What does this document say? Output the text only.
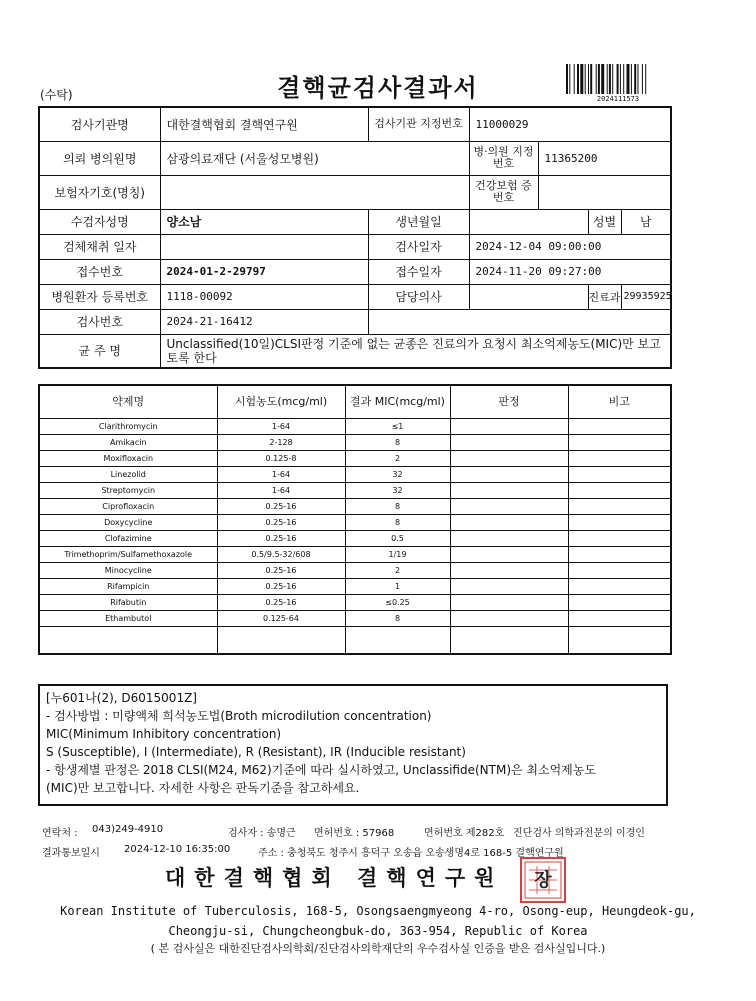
(수탁)	결핵균검사결과서	2024111573
검사기관명	대한결핵협회 결핵연구원	검사기관 지정번호	11000029			
의뢰 병의원명	삼광의료재단 (서울성모병원)		병·의원 지정번호	11365200		
보험자기호(명칭)			건강보험 증번호			
수검자성명	양소남	생년월일			성별	남
검체채취 일자		검사일자	2024-12-04 09:00:00			
접수번호	2024-01-2-29797	접수일자	2024-11-20 09:27:00			
병원환자 등록번호	1118-00092	담당의사			진료과	29935925
검사번호	2024-21-16412					
균 주 명	Unclassified(10일)CLSI판정 기준에 없는 균종은 진료의가 요청시 최소억제농도(MIC)만 보고토록 한다					
약제명	시험농도(mcg/ml)	결과 MIC(mcg/ml)	판정	비고
Clarithromycin	1-64	≤1		
Amikacin	2-128	8		
Moxifloxacin	0.125-8	2		
Linezolid	1-64	32		
Streptomycin	1-64	32		
Ciprofloxacin	0.25-16	8		
Doxycycline	0.25-16	8		
Clofazimine	0.25-16	0.5		
Trimethoprim/Sulfamethoxazole	0.5/9.5-32/608	1/19		
Minocycline	0.25-16	2		
Rifampicin	0.25-16	1		
Rifabutin	0.25-16	≤0.25		
Ethambutol	0.125-64	8		

[누601나(2), D6015001Z]
- 검사방법 : 미량액체 희석농도법(Broth microdilution concentration)
MIC(Minimum Inhibitory concentration)
S (Susceptible), I (Intermediate), R (Resistant), IR (Inducible resistant)
- 항생제별 판정은 2018 CLSI(M24, M62)기준에 따라 실시하였고, Unclassifide(NTM)은 최소억제농도
(MIC)만 보고합니다. 자세한 사항은 판독기준을 참고하세요.
연락처 : 043)249-4910	검사자 : 송명근 면허번호 : 57968	면허번호 제282호 진단검사 의학과전문의 이경인
결과통보일시 2024-12-10 16:35:00	주소 : 충청북도 청주시 흥덕구 오송읍 오송생명4로 168-5 결핵연구원
대한결핵협회 결핵연구원 장
Korean Institute of Tuberculosis, 168-5, Osongsaengmyeong 4-ro, Osong-eup, Heungdeok-gu,
Cheongju-si, Chungcheongbuk-do, 363-954, Republic of Korea
( 본 검사실은 대한진단검사의학회/진단검사의학재단의 우수검사실 인증을 받은 검사실입니다.)
